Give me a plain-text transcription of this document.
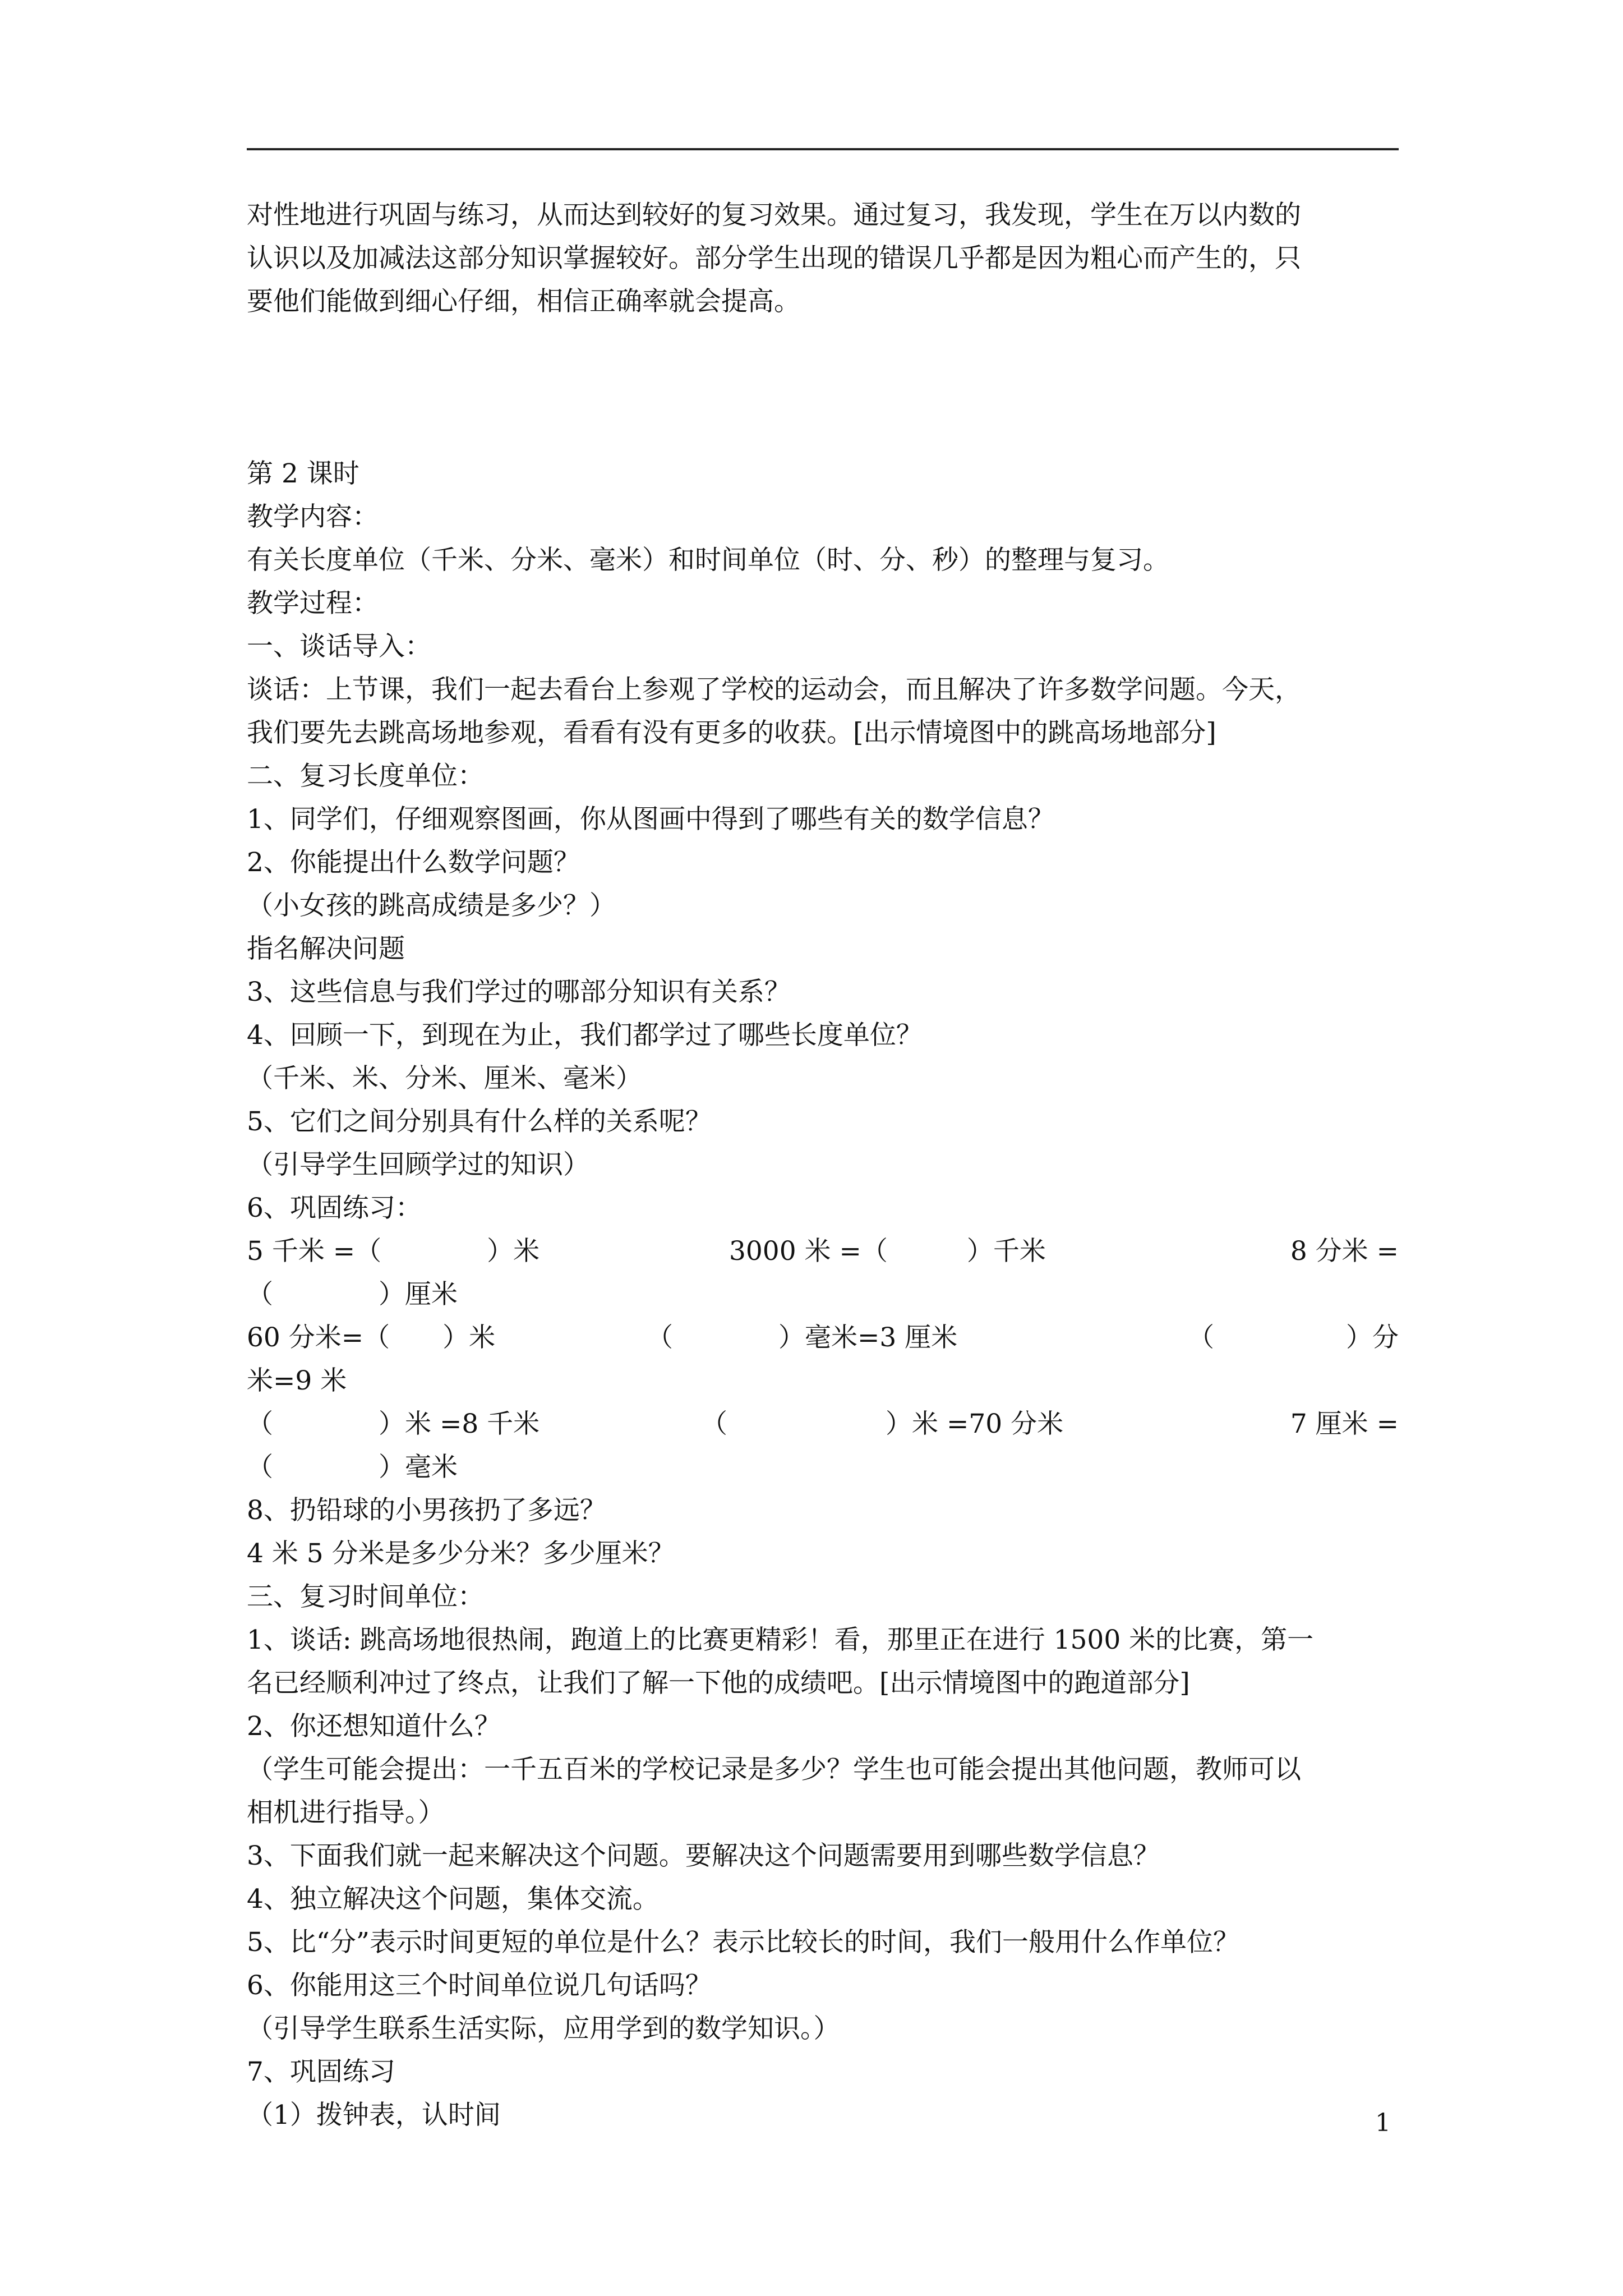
对性地进行巩固与练习，从而达到较好的复习效果。通过复习，我发现，学生在万以内数的
认识以及加减法这部分知识掌握较好。部分学生出现的错误几乎都是因为粗心而产生的，只
要他们能做到细心仔细，相信正确率就会提高。
第 2 课时
教学内容：
有关长度单位（千米、分米、毫米）和时间单位（时、分、秒）的整理与复习。
教学过程：
一、谈话导入：
谈话：上节课，我们一起去看台上参观了学校的运动会，而且解决了许多数学问题。今天，
我们要先去跳高场地参观，看看有没有更多的收获。[出示情境图中的跳高场地部分]
二、复习长度单位：
1、同学们，仔细观察图画，你从图画中得到了哪些有关的数学信息？
2、你能提出什么数学问题？
（小女孩的跳高成绩是多少？）
指名解决问题
3、这些信息与我们学过的哪部分知识有关系？
4、回顾一下，到现在为止，我们都学过了哪些长度单位？
（千米、米、分米、厘米、毫米）
5、它们之间分别具有什么样的关系呢？
（引导学生回顾学过的知识）
6、巩固练习：
5 千米 =（　　　　）米	3000 米 =（　　　）千米	8 分米 =
（　　　　）厘米
60 分米=（　　）米	（　　　　）毫米=3 厘米	（　　　　　）分
米=9 米
（　　　　）米 =8 千米	（　　　　　　）米 =70 分米	7 厘米 =
（　　　　）毫米
8、扔铅球的小男孩扔了多远？
4 米 5 分米是多少分米？多少厘米？
三、复习时间单位：
1、谈话: 跳高场地很热闹，跑道上的比赛更精彩！看，那里正在进行 1500 米的比赛，第一
名已经顺利冲过了终点，让我们了解一下他的成绩吧。[出示情境图中的跑道部分]
2、你还想知道什么？
（学生可能会提出：一千五百米的学校记录是多少？学生也可能会提出其他问题，教师可以
相机进行指导。）
3、下面我们就一起来解决这个问题。要解决这个问题需要用到哪些数学信息？
4、独立解决这个问题，集体交流。
5、比“分”表示时间更短的单位是什么？表示比较长的时间，我们一般用什么作单位？
6、你能用这三个时间单位说几句话吗？
（引导学生联系生活实际，应用学到的数学知识。）
7、巩固练习
（1）拨钟表，认时间	1
